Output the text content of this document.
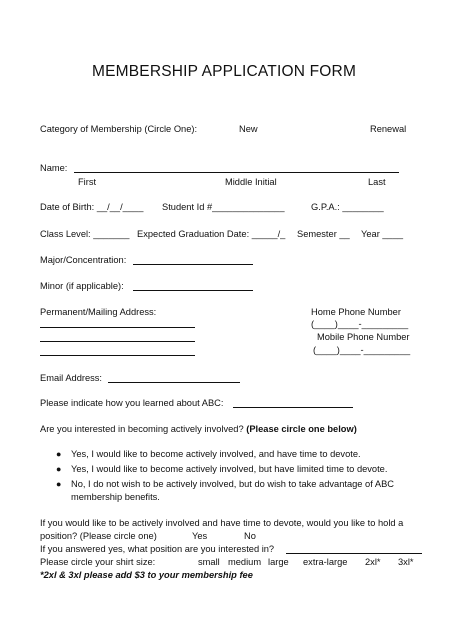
MEMBERSHIP APPLICATION FORM
Category of Membership (Circle One):	New	Renewal
Name:
First	Middle Initial	Last
Date of Birth: __/__/____ Student Id #______________	G.P.A.: ________
Class Level: _______ Expected Graduation Date: _____/_ Semester __ Year ____
Major/Concentration:
Minor (if applicable):
Permanent/Mailing Address:	Home Phone Number
(____)____-_________
Mobile Phone Number
(____)____-_________
Email Address:
Please indicate how you learned about ABC:
Are you interested in becoming actively involved? (Please circle one below)
● Yes, I would like to become actively involved, and have time to devote.
● Yes, I would like to become actively involved, but have limited time to devote.
● No, I do not wish to be actively involved, but do wish to take advantage of ABC
membership benefits.
If you would like to be actively involved and have time to devote, would you like to hold a
position? (Please circle one)	Yes	No
If you answered yes, what position are you interested in?
Please circle your shirt size:	small medium large extra-large 2xl* 3xl*
*2xl & 3xl please add $3 to your membership fee
